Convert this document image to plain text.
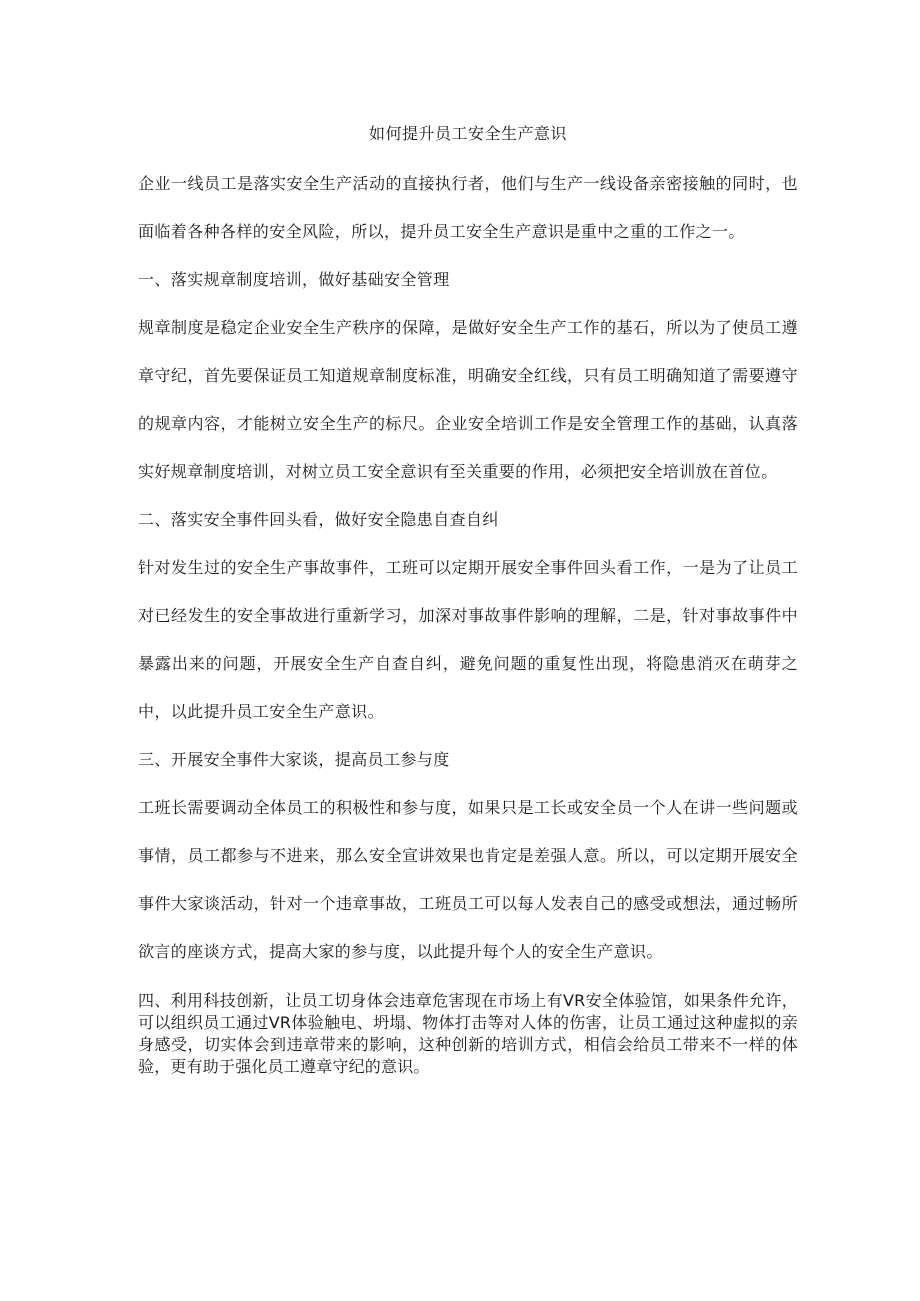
如何提升员工安全生产意识

企业一线员工是落实安全生产活动的直接执行者，他们与生产一线设备亲密接触的同时，也面临着各种各样的安全风险，所以，提升员工安全生产意识是重中之重的工作之一。

一、落实规章制度培训，做好基础安全管理

规章制度是稳定企业安全生产秩序的保障，是做好安全生产工作的基石，所以为了使员工遵章守纪，首先要保证员工知道规章制度标准，明确安全红线，只有员工明确知道了需要遵守的规章内容，才能树立安全生产的标尺。企业安全培训工作是安全管理工作的基础，认真落实好规章制度培训，对树立员工安全意识有至关重要的作用，必须把安全培训放在首位。

二、落实安全事件回头看，做好安全隐患自查自纠

针对发生过的安全生产事故事件，工班可以定期开展安全事件回头看工作，一是为了让员工对已经发生的安全事故进行重新学习，加深对事故事件影响的理解，二是，针对事故事件中暴露出来的问题，开展安全生产自查自纠，避免问题的重复性出现，将隐患消灭在萌芽之中，以此提升员工安全生产意识。

三、开展安全事件大家谈，提高员工参与度

工班长需要调动全体员工的积极性和参与度，如果只是工长或安全员一个人在讲一些问题或事情，员工都参与不进来，那么安全宣讲效果也肯定是差强人意。所以，可以定期开展安全事件大家谈活动，针对一个违章事故，工班员工可以每人发表自己的感受或想法，通过畅所欲言的座谈方式，提高大家的参与度，以此提升每个人的安全生产意识。

四、利用科技创新，让员工切身体会违章危害现在市场上有VR安全体验馆，如果条件允许，可以组织员工通过VR体验触电、坍塌、物体打击等对人体的伤害，让员工通过这种虚拟的亲身感受，切实体会到违章带来的影响，这种创新的培训方式，相信会给员工带来不一样的体验，更有助于强化员工遵章守纪的意识。
